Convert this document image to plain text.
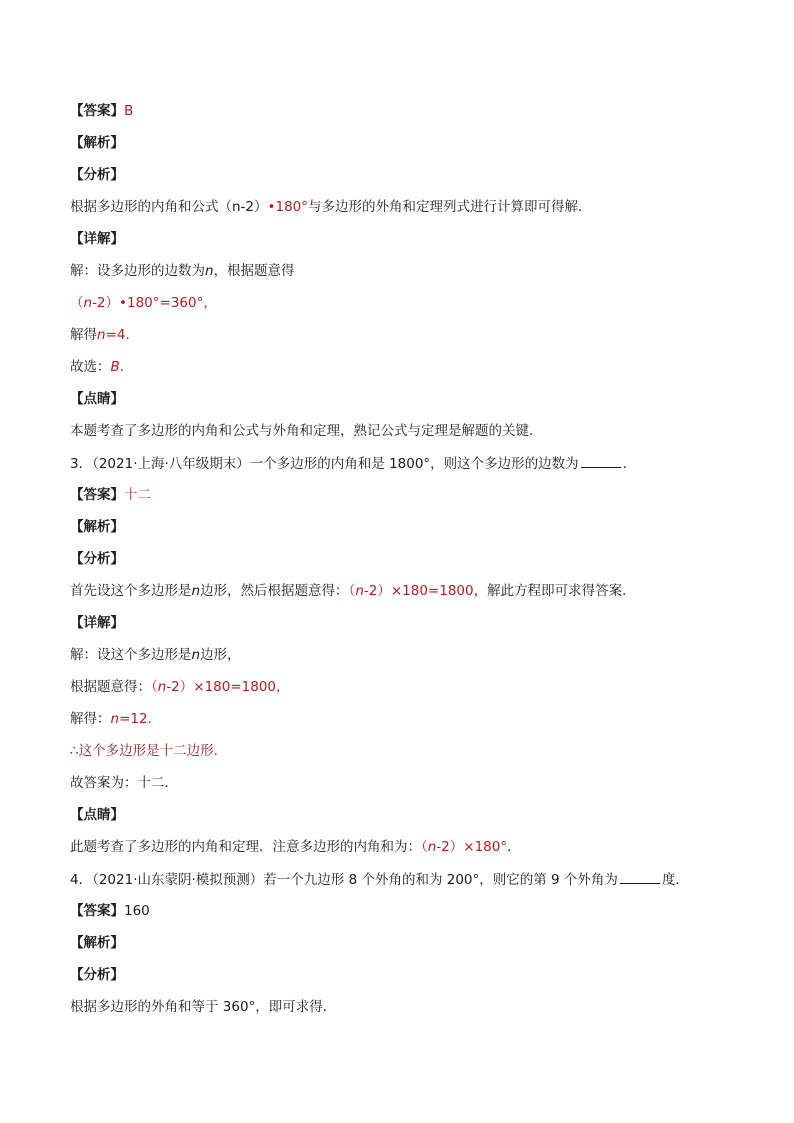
【答案】B
【解析】
【分析】
根据多边形的内角和公式（n-2）•180°与多边形的外角和定理列式进行计算即可得解．
【详解】
解：设多边形的边数为n，根据题意得
（n-2）•180°=360°，
解得n=4．
故选：B．
【点睛】
本题考查了多边形的内角和公式与外角和定理，熟记公式与定理是解题的关键．
3．（2021·上海·八年级期末）一个多边形的内角和是 1800°，则这个多边形的边数为	．
【答案】十二
【解析】
【分析】
首先设这个多边形是n边形，然后根据题意得：（n-2）×180=1800，解此方程即可求得答案．
【详解】
解：设这个多边形是n边形，
根据题意得：（n-2）×180=1800，
解得：n=12．
∴这个多边形是十二边形.
故答案为：十二．
【点睛】
此题考查了多边形的内角和定理．注意多边形的内角和为：（n-2）×180°．
4．（2021·山东蒙阴·模拟预测）若一个九边形 8 个外角的和为 200°，则它的第 9 个外角为	度．
【答案】160
【解析】
【分析】
根据多边形的外角和等于 360°，即可求得．
